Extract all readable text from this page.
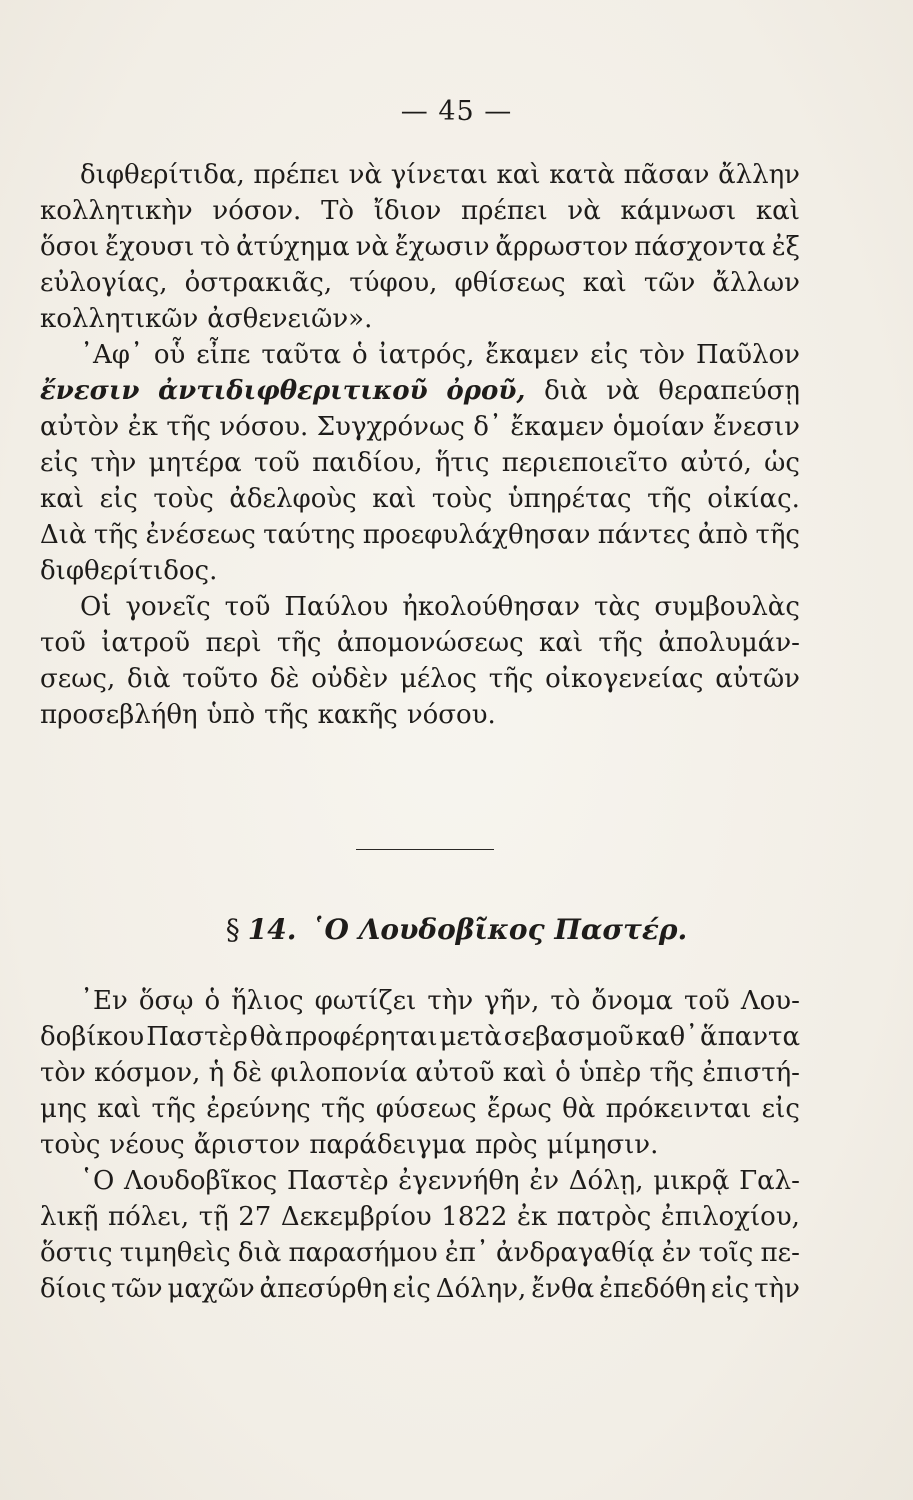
— 45 —
διφθερίτιδα, πρέπει νὰ γίνεται καὶ κατὰ πᾶσαν ἄλλην
κολλητικὴν νόσον. Τὸ ἴδιον πρέπει νὰ κάμνωσι καὶ
ὅσοι ἔχουσι τὸ ἀτύχημα νὰ ἔχωσιν ἄρρωστον πάσχοντα ἐξ
εὐλογίας, ὀστρακιᾶς, τύφου, φθίσεως καὶ τῶν ἄλλων
κολλητικῶν ἀσθενειῶν».
᾿Αφ᾿ οὗ εἶπε ταῦτα ὁ ἰατρός, ἔκαμεν εἰς τὸν Παῦλον
ἔνεσιν ἀντιδιφθεριτικοῦ ὀροῦ, διὰ νὰ θεραπεύσῃ
αὐτὸν ἐκ τῆς νόσου. Συγχρόνως δ᾿ ἔκαμεν ὁμοίαν ἔνεσιν
εἰς τὴν μητέρα τοῦ παιδίου, ἥτις περιεποιεῖτο αὐτό, ὡς
καὶ εἰς τοὺς ἀδελφοὺς καὶ τοὺς ὑπηρέτας τῆς οἰκίας.
Διὰ τῆς ἐνέσεως ταύτης προεφυλάχθησαν πάντες ἀπὸ τῆς
διφθερίτιδος.
Οἱ γονεῖς τοῦ Παύλου ἠκολούθησαν τὰς συμβουλὰς
τοῦ ἰατροῦ περὶ τῆς ἀπομονώσεως καὶ τῆς ἀπολυμάν-
σεως, διὰ τοῦτο δὲ οὐδὲν μέλος τῆς οἰκογενείας αὐτῶν
προσεβλήθη ὑπὸ τῆς κακῆς νόσου.
§ 14. ῾Ο Λουδοβῖκος Παστέρ.
᾿Εν ὅσῳ ὁ ἥλιος φωτίζει τὴν γῆν, τὸ ὄνομα τοῦ Λου-
δοβίκου Παστὲρ θὰ προφέρηται μετὰ σεβασμοῦ καθ᾿ ἅπαντα
τὸν κόσμον, ἡ δὲ φιλοπονία αὐτοῦ καὶ ὁ ὑπὲρ τῆς ἐπιστή-
μης καὶ τῆς ἐρεύνης τῆς φύσεως ἔρως θὰ πρόκεινται εἰς
τοὺς νέους ἄριστον παράδειγμα πρὸς μίμησιν.
῾Ο Λουδοβῖκος Παστὲρ ἐγεννήθη ἐν Δόλῃ, μικρᾷ Γαλ-
λικῇ πόλει, τῇ 27 Δεκεμβρίου 1822 ἐκ πατρὸς ἐπιλοχίου,
ὅστις τιμηθεὶς διὰ παρασήμου ἐπ᾿ ἀνδραγαθίᾳ ἐν τοῖς πε-
δίοις τῶν μαχῶν ἀπεσύρθη εἰς Δόλην, ἔνθα ἐπεδόθη εἰς τὴν
